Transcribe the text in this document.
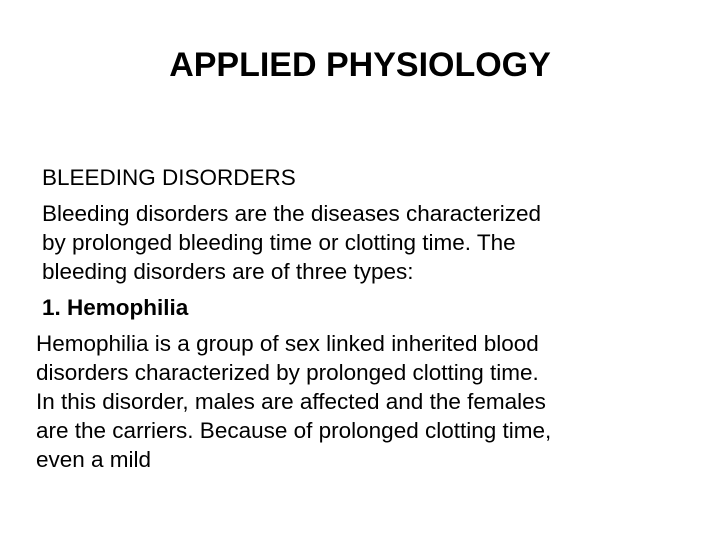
APPLIED PHYSIOLOGY

BLEEDING DISORDERS

Bleeding disorders are the diseases characterized

by prolonged bleeding time or clotting time. The

bleeding disorders are of three types:

1. Hemophilia

Hemophilia is a group of sex linked inherited blood

disorders characterized by prolonged clotting time.

In this disorder, males are affected and the females

are the carriers. Because of prolonged clotting time,

even a mild
